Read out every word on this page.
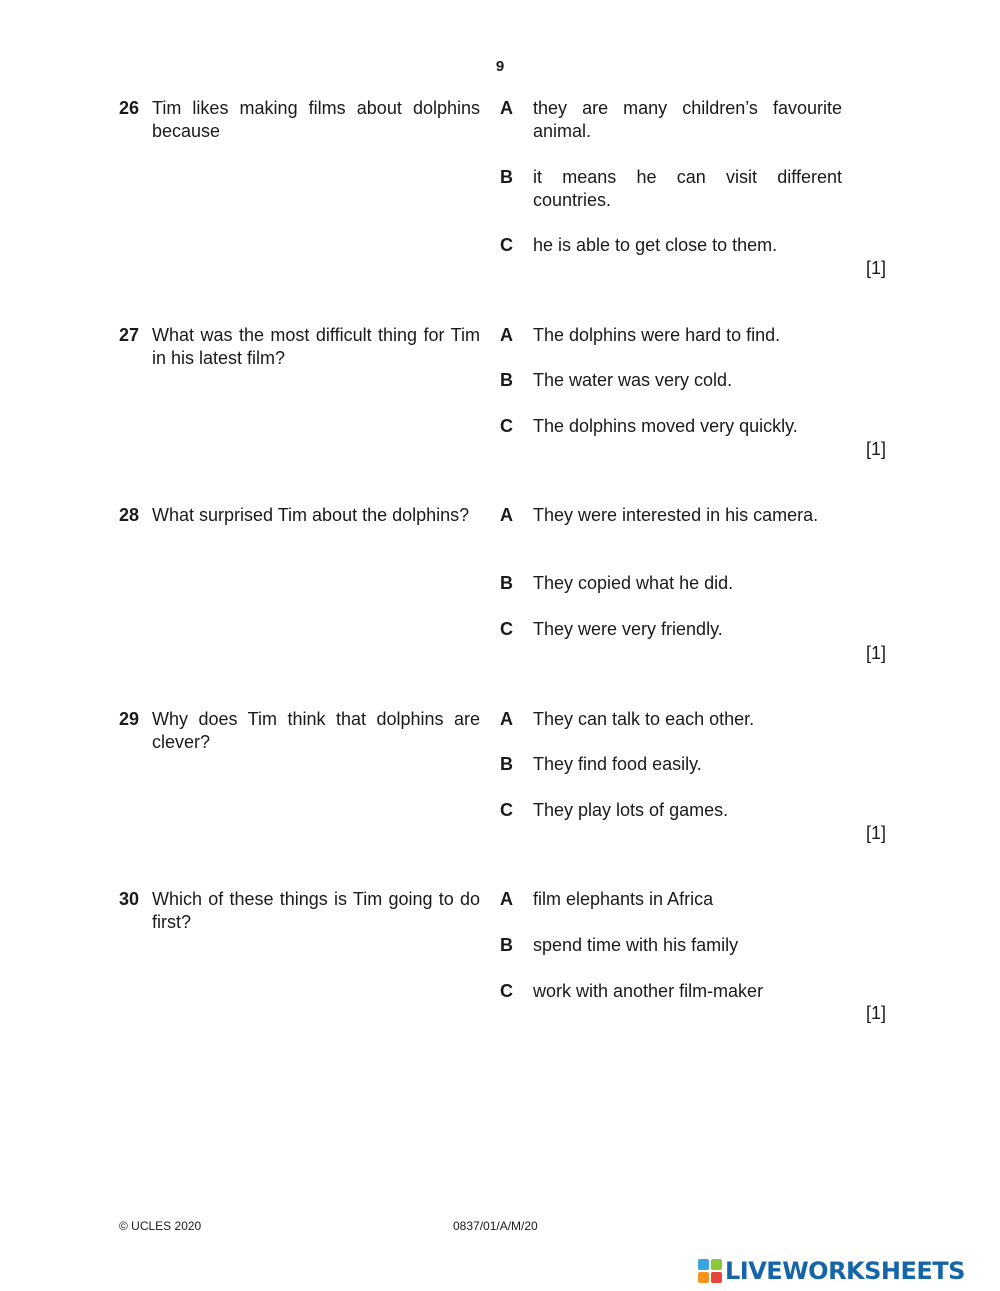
9
26 Tim likes making films about dolphins because
A they are many children’s favourite animal.
B it means he can visit different countries.
C he is able to get close to them.
[1]
27 What was the most difficult thing for Tim in his latest film?
A The dolphins were hard to find.
B The water was very cold.
C The dolphins moved very quickly.
[1]
28 What surprised Tim about the dolphins?	A They were interested in his camera.
B They copied what he did.
C They were very friendly.
[1]
29 Why does Tim think that dolphins are clever?
A They can talk to each other.
B They find food easily.
C They play lots of games.
[1]
30 Which of these things is Tim going to do first?
A film elephants in Africa
B spend time with his family
C work with another film-maker
[1]
© UCLES 2020	0837/01/A/M/20
LIVEWORKSHEETS
